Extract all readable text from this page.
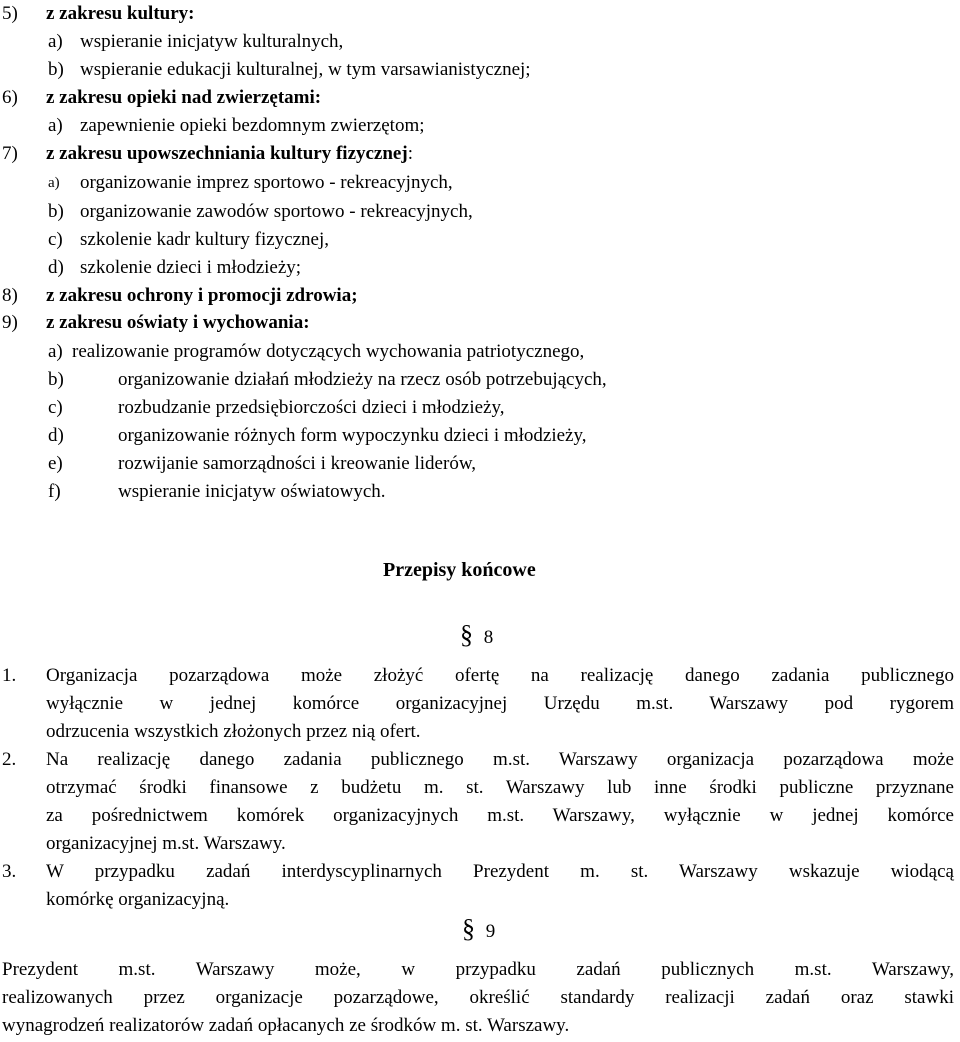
5) z zakresu kultury:
a) wspieranie inicjatyw kulturalnych,
b) wspieranie edukacji kulturalnej, w tym varsawianistycznej;
6) z zakresu opieki nad zwierzętami:
a) zapewnienie opieki bezdomnym zwierzętom;
7) z zakresu upowszechniania kultury fizycznej:
a) organizowanie imprez sportowo - rekreacyjnych,
b) organizowanie zawodów sportowo - rekreacyjnych,
c) szkolenie kadr kultury fizycznej,
d) szkolenie dzieci i młodzieży;
8) z zakresu ochrony i promocji zdrowia;
9) z zakresu oświaty i wychowania:
a) realizowanie programów dotyczących wychowania patriotycznego,
b)	organizowanie działań młodzieży na rzecz osób potrzebujących,
c)	rozbudzanie przedsiębiorczości dzieci i młodzieży,
d)	organizowanie różnych form wypoczynku dzieci i młodzieży,
e)	rozwijanie samorządności i kreowanie liderów,
f)	wspieranie inicjatyw oświatowych.
Przepisy końcowe
§ 8
1. Organizacja pozarządowa może złożyć ofertę na realizację danego zadania publicznego
wyłącznie w jednej komórce organizacyjnej Urzędu m.st. Warszawy pod rygorem
odrzucenia wszystkich złożonych przez nią ofert.
2. Na realizację danego zadania publicznego m.st. Warszawy organizacja pozarządowa może
otrzymać środki finansowe z budżetu m. st. Warszawy lub inne środki publiczne przyznane
za pośrednictwem komórek organizacyjnych m.st. Warszawy, wyłącznie w jednej komórce
organizacyjnej m.st. Warszawy.
3. W przypadku zadań interdyscyplinarnych Prezydent m. st. Warszawy wskazuje wiodącą
komórkę organizacyjną.
§ 9
Prezydent m.st. Warszawy może, w przypadku zadań publicznych m.st. Warszawy,
realizowanych przez organizacje pozarządowe, określić standardy realizacji zadań oraz stawki
wynagrodzeń realizatorów zadań opłacanych ze środków m. st. Warszawy.
